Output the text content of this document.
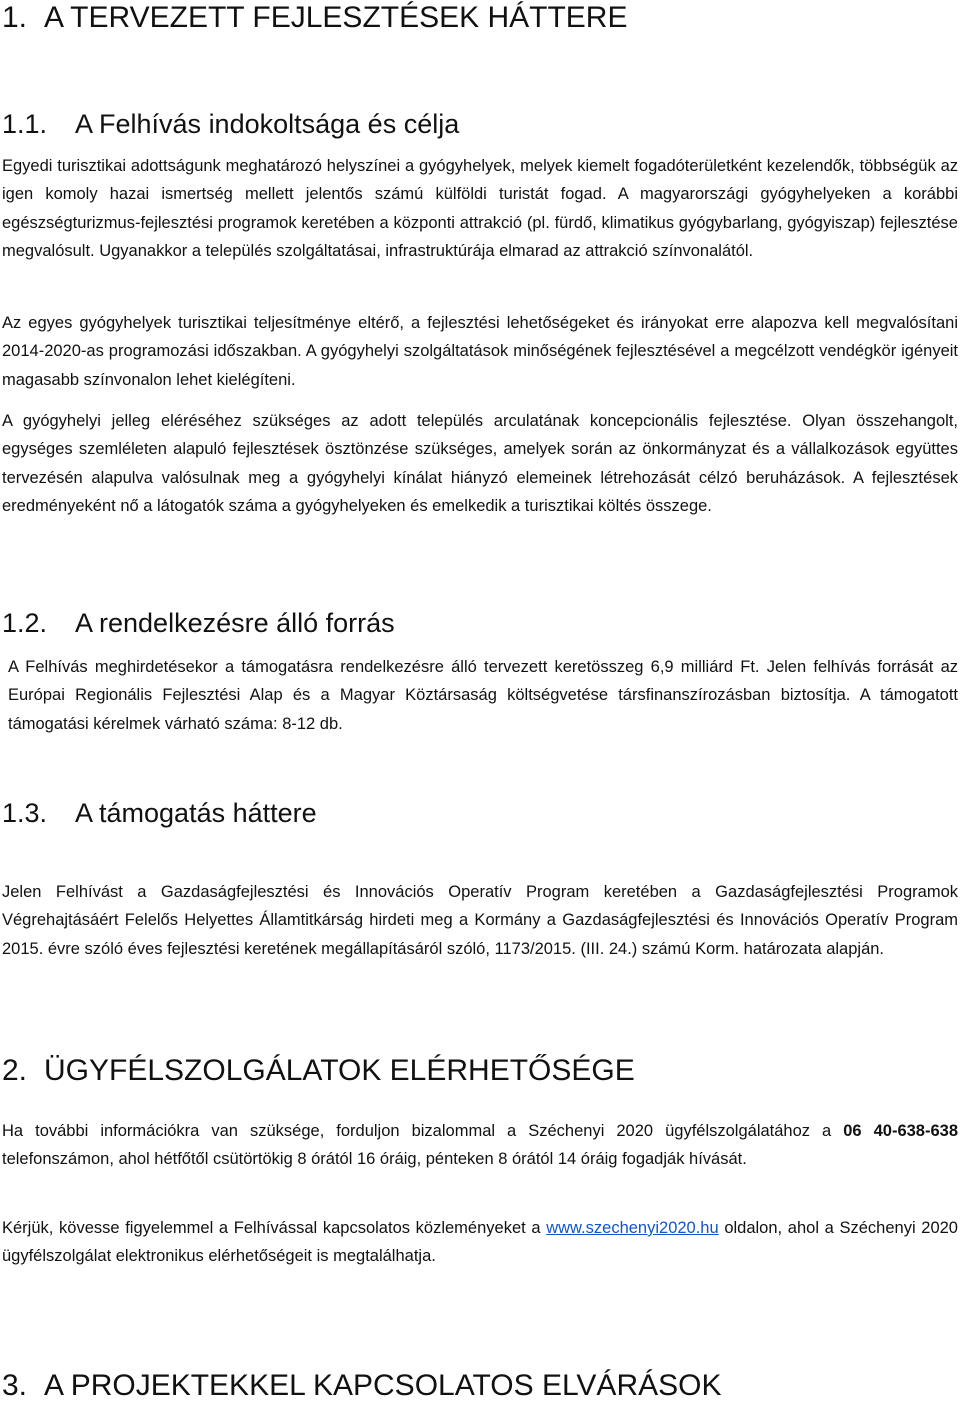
1. A TERVEZETT FEJLESZTÉSEK HÁTTERE
1.1. A Felhívás indokoltsága és célja

Egyedi turisztikai adottságunk meghatározó helyszínei a gyógyhelyek, melyek kiemelt fogadóterületként kezelendők, többségük az igen komoly hazai ismertség mellett jelentős számú külföldi turistát fogad. A magyarországi gyógyhelyeken a korábbi egészségturizmus-fejlesztési programok keretében a központi attrakció (pl. fürdő, klimatikus gyógybarlang, gyógyiszap) fejlesztése megvalósult. Ugyanakkor a település szolgáltatásai, infrastruktúrája elmarad az attrakció színvonalától.

Az egyes gyógyhelyek turisztikai teljesítménye eltérő, a fejlesztési lehetőségeket és irányokat erre alapozva kell megvalósítani 2014-2020-as programozási időszakban. A gyógyhelyi szolgáltatások minőségének fejlesztésével a megcélzott vendégkör igényeit magasabb színvonalon lehet kielégíteni.

A gyógyhelyi jelleg eléréséhez szükséges az adott település arculatának koncepcionális fejlesztése. Olyan összehangolt, egységes szemléleten alapuló fejlesztések ösztönzése szükséges, amelyek során az önkormányzat és a vállalkozások együttes tervezésén alapulva valósulnak meg a gyógyhelyi kínálat hiányzó elemeinek létrehozását célzó beruházások. A fejlesztések eredményeként nő a látogatók száma a gyógyhelyeken és emelkedik a turisztikai költés összege.

1.2. A rendelkezésre álló forrás

A Felhívás meghirdetésekor a támogatásra rendelkezésre álló tervezett keretösszeg 6,9 milliárd Ft. Jelen felhívás forrását az Európai Regionális Fejlesztési Alap és a Magyar Köztársaság költségvetése társfinanszírozásban biztosítja. A támogatott támogatási kérelmek várható száma: 8-12 db.

1.3. A támogatás háttere

Jelen Felhívást a Gazdaságfejlesztési és Innovációs Operatív Program keretében a Gazdaságfejlesztési Programok Végrehajtásáért Felelős Helyettes Államtitkárság hirdeti meg a Kormány a Gazdaságfejlesztési és Innovációs Operatív Program 2015. évre szóló éves fejlesztési keretének megállapításáról szóló, 1173/2015. (III. 24.) számú Korm. határozata alapján.

2. ÜGYFÉLSZOLGÁLATOK ELÉRHETŐSÉGE

Ha további információkra van szüksége, forduljon bizalommal a Széchenyi 2020 ügyfélszolgálatához a 06 40-638-638 telefonszámon, ahol hétfőtől csütörtökig 8 órától 16 óráig, pénteken 8 órától 14 óráig fogadják hívását.

Kérjük, kövesse figyelemmel a Felhívással kapcsolatos közleményeket a www.szechenyi2020.hu oldalon, ahol a Széchenyi 2020 ügyfélszolgálat elektronikus elérhetőségeit is megtalálhatja.

3. A PROJEKTEKKEL KAPCSOLATOS ELVÁRÁSOK
